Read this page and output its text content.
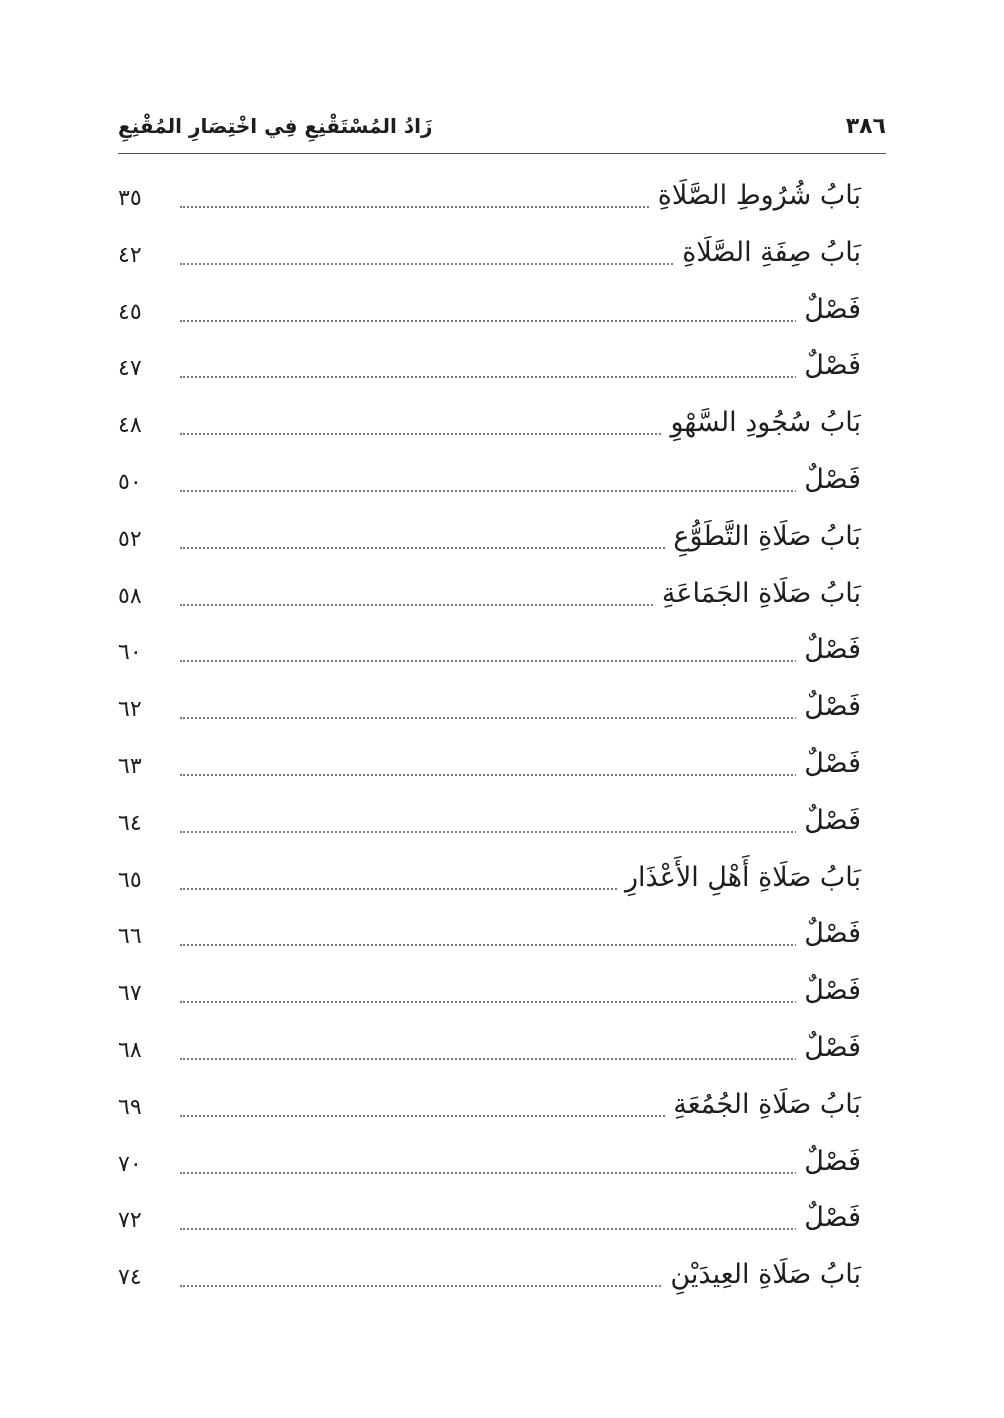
٣٨٦
زَادُ المُسْتَقْنِعِ فِي اخْتِصَارِ المُقْنِعِ
بَابُ شُرُوطِ الصَّلَاةِ
٣٥
بَابُ صِفَةِ الصَّلَاةِ
٤٢
فَصْلٌ
٤٥
فَصْلٌ
٤٧
بَابُ سُجُودِ السَّهْوِ
٤٨
فَصْلٌ
٥٠
بَابُ صَلَاةِ التَّطَوُّعِ
٥٢
بَابُ صَلَاةِ الجَمَاعَةِ
٥٨
فَصْلٌ
٦٠
فَصْلٌ
٦٢
فَصْلٌ
٦٣
فَصْلٌ
٦٤
بَابُ صَلَاةِ أَهْلِ الأَعْذَارِ
٦٥
فَصْلٌ
٦٦
فَصْلٌ
٦٧
فَصْلٌ
٦٨
بَابُ صَلَاةِ الجُمُعَةِ
٦٩
فَصْلٌ
٧٠
فَصْلٌ
٧٢
بَابُ صَلَاةِ العِيدَيْنِ
٧٤
